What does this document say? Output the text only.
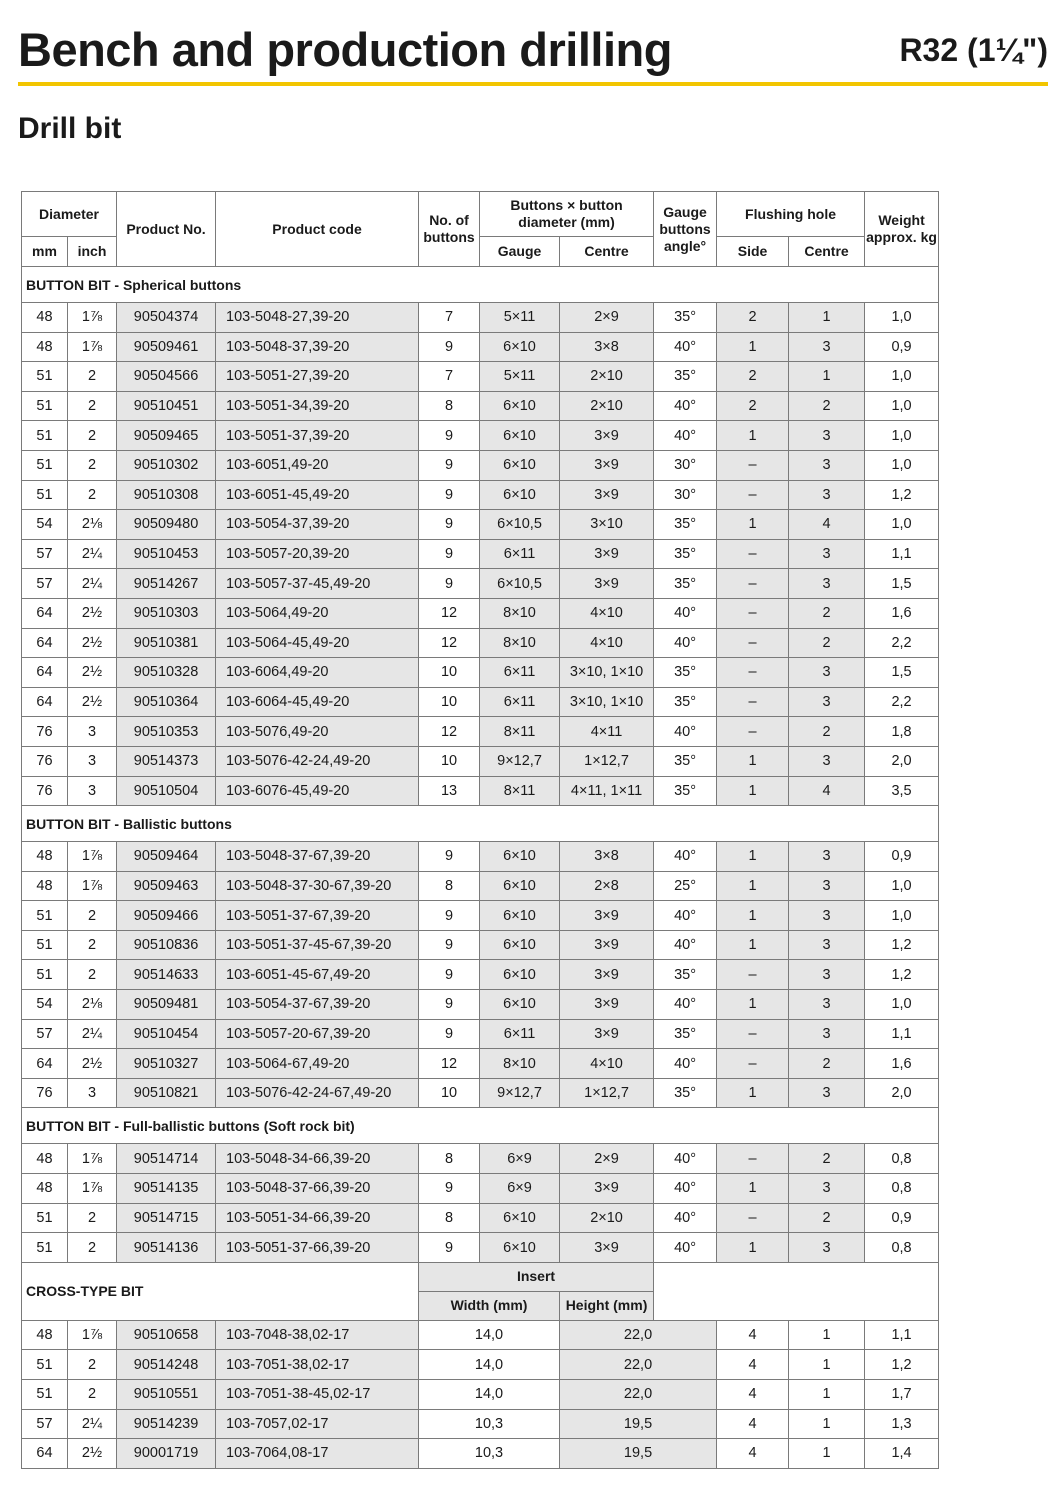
Bench and production drilling	R32 (1¼")
Drill bit
Diameter		Product No.	Product code	No. of buttons	Buttons × button diameter (mm)		Gauge buttons angle°	Flushing hole		Weight approx. kg
mm	inch				Gauge	Centre		Side	Centre	
BUTTON BIT - Spherical buttons										
48	1⅞	90504374	103-5048-27,39-20	7	5×11	2×9	35°	2	1	1,0
48	1⅞	90509461	103-5048-37,39-20	9	6×10	3×8	40°	1	3	0,9
51	2	90504566	103-5051-27,39-20	7	5×11	2×10	35°	2	1	1,0
51	2	90510451	103-5051-34,39-20	8	6×10	2×10	40°	2	2	1,0
51	2	90509465	103-5051-37,39-20	9	6×10	3×9	40°	1	3	1,0
51	2	90510302	103-6051,49-20	9	6×10	3×9	30°	–	3	1,0
51	2	90510308	103-6051-45,49-20	9	6×10	3×9	30°	–	3	1,2
54	2⅛	90509480	103-5054-37,39-20	9	6×10,5	3×10	35°	1	4	1,0
57	2¼	90510453	103-5057-20,39-20	9	6×11	3×9	35°	–	3	1,1
57	2¼	90514267	103-5057-37-45,49-20	9	6×10,5	3×9	35°	–	3	1,5
64	2½	90510303	103-5064,49-20	12	8×10	4×10	40°	–	2	1,6
64	2½	90510381	103-5064-45,49-20	12	8×10	4×10	40°	–	2	2,2
64	2½	90510328	103-6064,49-20	10	6×11	3×10, 1×10	35°	–	3	1,5
64	2½	90510364	103-6064-45,49-20	10	6×11	3×10, 1×10	35°	–	3	2,2
76	3	90510353	103-5076,49-20	12	8×11	4×11	40°	–	2	1,8
76	3	90514373	103-5076-42-24,49-20	10	9×12,7	1×12,7	35°	1	3	2,0
76	3	90510504	103-6076-45,49-20	13	8×11	4×11, 1×11	35°	1	4	3,5
BUTTON BIT - Ballistic buttons										
48	1⅞	90509464	103-5048-37-67,39-20	9	6×10	3×8	40°	1	3	0,9
48	1⅞	90509463	103-5048-37-30-67,39-20	8	6×10	2×8	25°	1	3	1,0
51	2	90509466	103-5051-37-67,39-20	9	6×10	3×9	40°	1	3	1,0
51	2	90510836	103-5051-37-45-67,39-20	9	6×10	3×9	40°	1	3	1,2
51	2	90514633	103-6051-45-67,49-20	9	6×10	3×9	35°	–	3	1,2
54	2⅛	90509481	103-5054-37-67,39-20	9	6×10	3×9	40°	1	3	1,0
57	2¼	90510454	103-5057-20-67,39-20	9	6×11	3×9	35°	–	3	1,1
64	2½	90510327	103-5064-67,49-20	12	8×10	4×10	40°	–	2	1,6
76	3	90510821	103-5076-42-24-67,49-20	10	9×12,7	1×12,7	35°	1	3	2,0
BUTTON BIT - Full-ballistic buttons (Soft rock bit)										
48	1⅞	90514714	103-5048-34-66,39-20	8	6×9	2×9	40°	–	2	0,8
48	1⅞	90514135	103-5048-37-66,39-20	9	6×9	3×9	40°	1	3	0,8
51	2	90514715	103-5051-34-66,39-20	8	6×10	2×10	40°	–	2	0,9
51	2	90514136	103-5051-37-66,39-20	9	6×10	3×9	40°	1	3	0,8
CROSS-TYPE BIT				Insert						
				Width (mm)		Height (mm)				
48	1⅞	90510658	103-7048-38,02-17	14,0		22,0		4	1	1,1
51	2	90514248	103-7051-38,02-17	14,0		22,0		4	1	1,2
51	2	90510551	103-7051-38-45,02-17	14,0		22,0		4	1	1,7
57	2¼	90514239	103-7057,02-17	10,3		19,5		4	1	1,3
64	2½	90001719	103-7064,08-17	10,3		19,5		4	1	1,4
